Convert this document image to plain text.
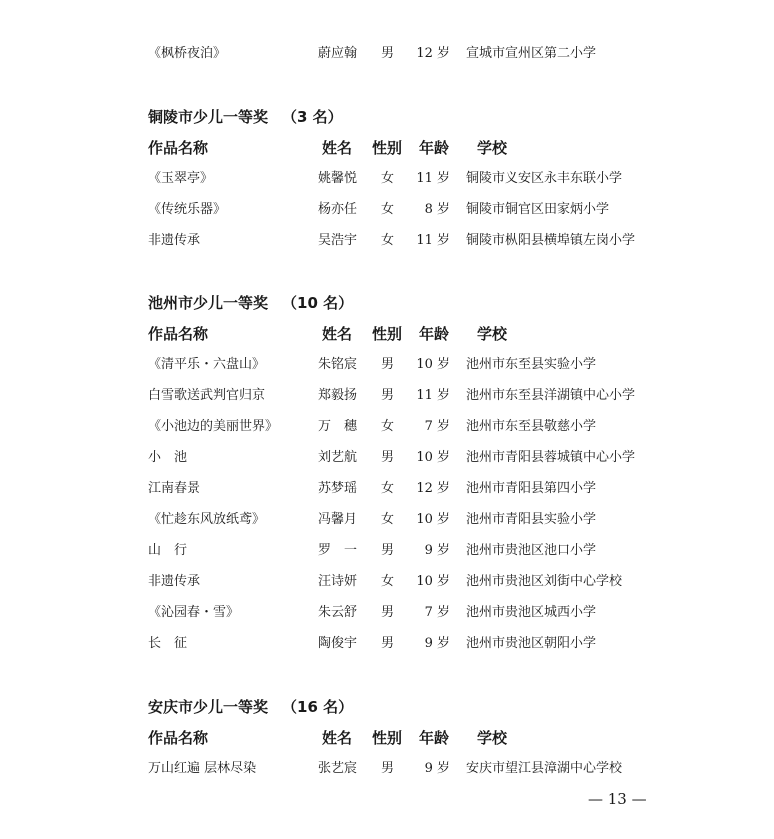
《枫桥夜泊》	蔚应翰 男	12 岁 宣城市宣州区第二小学
铜陵市少儿一等奖 （3 名）
作品名称	姓名 性别 年龄 学校
《玉翠亭》	姚馨悦 女	11 岁 铜陵市义安区永丰东联小学
《传统乐器》	杨亦任 女	8 岁 铜陵市铜官区田家炳小学
非遗传承	吴浩宇 女	11 岁 铜陵市枞阳县横埠镇左岗小学
池州市少儿一等奖 （10 名）
作品名称	姓名 性别 年龄 学校
《清平乐・六盘山》	朱铭宸 男	10 岁 池州市东至县实验小学
白雪歌送武判官归京	郑毅扬 男	11 岁 池州市东至县洋湖镇中心小学
《小池边的美丽世界》	万　穗 女	7 岁 池州市东至县敬慈小学
小　池	刘艺航 男	10 岁 池州市青阳县蓉城镇中心小学
江南春景	苏梦瑶 女	12 岁 池州市青阳县第四小学
《忙趁东风放纸鸢》	冯馨月 女	10 岁 池州市青阳县实验小学
山　行	罗　一 男	9 岁 池州市贵池区池口小学
非遗传承	汪诗妍 女	10 岁 池州市贵池区刘街中心学校
《沁园春・雪》	朱云舒 男	7 岁 池州市贵池区城西小学
长　征	陶俊宇 男	9 岁 池州市贵池区朝阳小学
安庆市少儿一等奖 （16 名）
作品名称	姓名 性别 年龄 学校
万山红遍 层林尽染	张艺宸 男	9 岁 安庆市望江县漳湖中心学校
— 13 —
